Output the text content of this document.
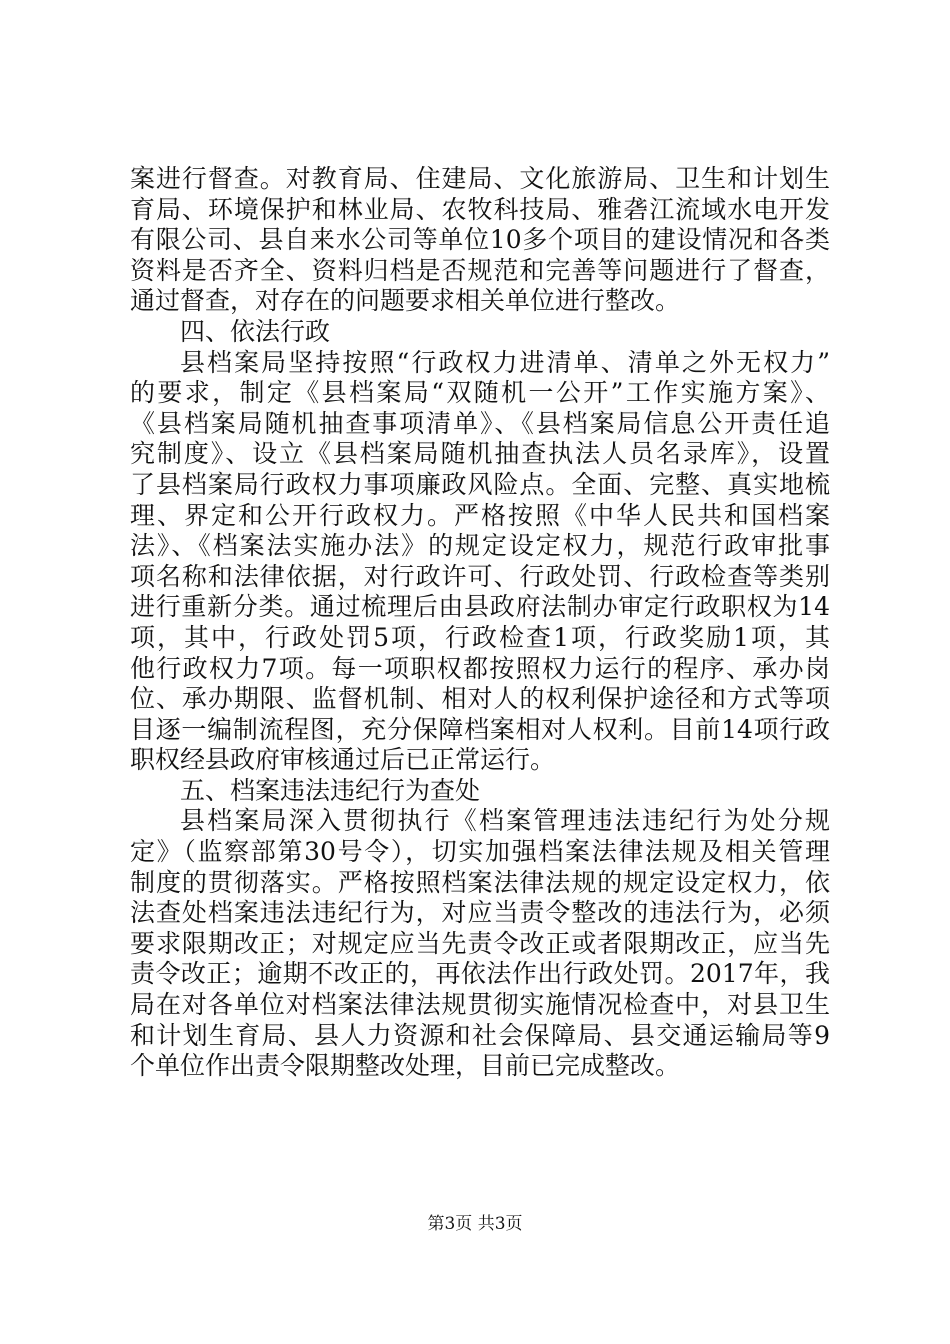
案进行督查。对教育局、住建局、文化旅游局、卫生和计划生
育局、环境保护和林业局、农牧科技局、雅砻江流域水电开发
有限公司、县自来水公司等单位10多个项目的建设情况和各类
资料是否齐全、资料归档是否规范和完善等问题进行了督查，
通过督查，对存在的问题要求相关单位进行整改。
四、依法行政
县档案局坚持按照“行政权力进清单、清单之外无权力”
的要求，制定《县档案局“双随机一公开”工作实施方案》、
《县档案局随机抽查事项清单》、《县档案局信息公开责任追
究制度》、设立《县档案局随机抽查执法人员名录库》，设置
了县档案局行政权力事项廉政风险点。全面、完整、真实地梳
理、界定和公开行政权力。严格按照《中华人民共和国档案
法》、《档案法实施办法》的规定设定权力，规范行政审批事
项名称和法律依据，对行政许可、行政处罚、行政检查等类别
进行重新分类。通过梳理后由县政府法制办审定行政职权为14
项，其中，行政处罚5项，行政检查1项，行政奖励1项，其
他行政权力7项。每一项职权都按照权力运行的程序、承办岗
位、承办期限、监督机制、相对人的权利保护途径和方式等项
目逐一编制流程图，充分保障档案相对人权利。目前14项行政
职权经县政府审核通过后已正常运行。
五、档案违法违纪行为查处
县档案局深入贯彻执行《档案管理违法违纪行为处分规
定》（监察部第30号令），切实加强档案法律法规及相关管理
制度的贯彻落实。严格按照档案法律法规的规定设定权力，依
法查处档案违法违纪行为，对应当责令整改的违法行为，必须
要求限期改正；对规定应当先责令改正或者限期改正，应当先
责令改正；逾期不改正的，再依法作出行政处罚。2017年，我
局在对各单位对档案法律法规贯彻实施情况检查中，对县卫生
和计划生育局、县人力资源和社会保障局、县交通运输局等9
个单位作出责令限期整改处理，目前已完成整改。
第3页 共3页
